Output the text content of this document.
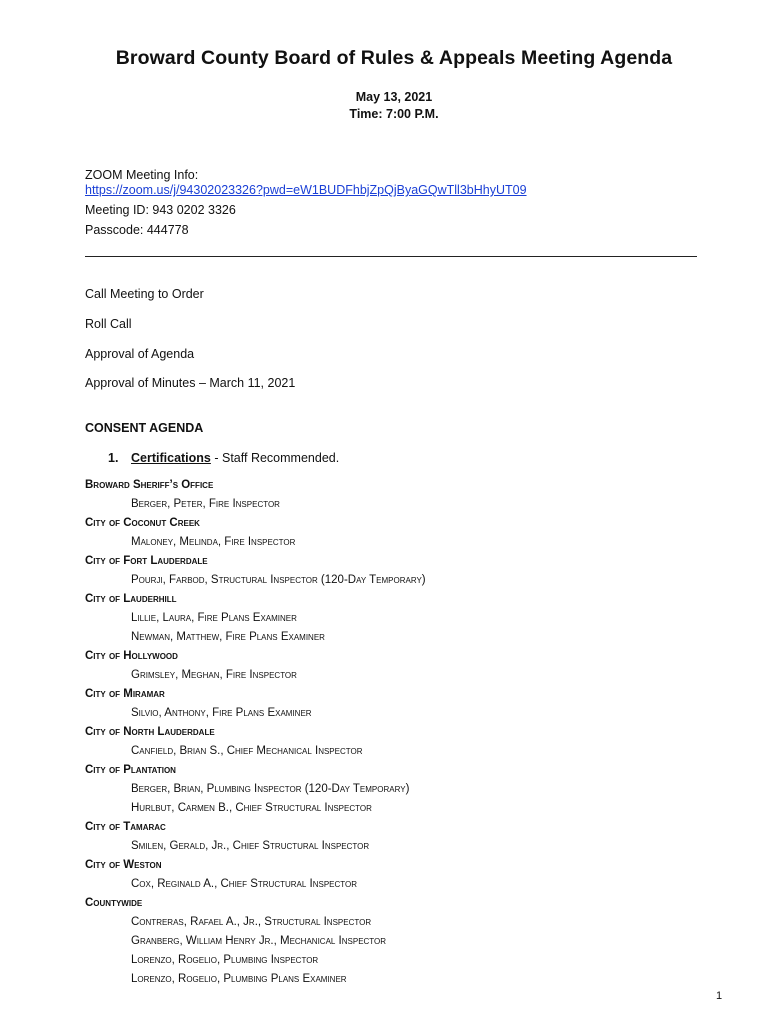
Broward County Board of Rules & Appeals Meeting Agenda
May 13, 2021
Time: 7:00 P.M.
ZOOM Meeting Info:
https://zoom.us/j/94302023326?pwd=eW1BUDFhbjZpQjByaGQwTll3bHhyUT09
Meeting ID: 943 0202 3326
Passcode: 444778
Call Meeting to Order
Roll Call
Approval of Agenda
Approval of Minutes – March 11, 2021
CONSENT AGENDA
1. Certifications - Staff Recommended.
Broward Sheriff’s Office
Berger, Peter, Fire Inspector
City of Coconut Creek
Maloney, Melinda, Fire Inspector
City of Fort Lauderdale
Pourji, Farbod, Structural Inspector (120-Day Temporary)
City of Lauderhill
Lillie, Laura, Fire Plans Examiner
Newman, Matthew, Fire Plans Examiner
City of Hollywood
Grimsley, Meghan, Fire Inspector
City of Miramar
Silvio, Anthony, Fire Plans Examiner
City of North Lauderdale
Canfield, Brian S., Chief Mechanical Inspector
City of Plantation
Berger, Brian, Plumbing Inspector (120-Day Temporary)
Hurlbut, Carmen B., Chief Structural Inspector
City of Tamarac
Smilen, Gerald, Jr., Chief Structural Inspector
City of Weston
Cox, Reginald A., Chief Structural Inspector
Countywide
Contreras, Rafael A., Jr., Structural Inspector
Granberg, William Henry Jr., Mechanical Inspector
Lorenzo, Rogelio, Plumbing Inspector
Lorenzo, Rogelio, Plumbing Plans Examiner
1
